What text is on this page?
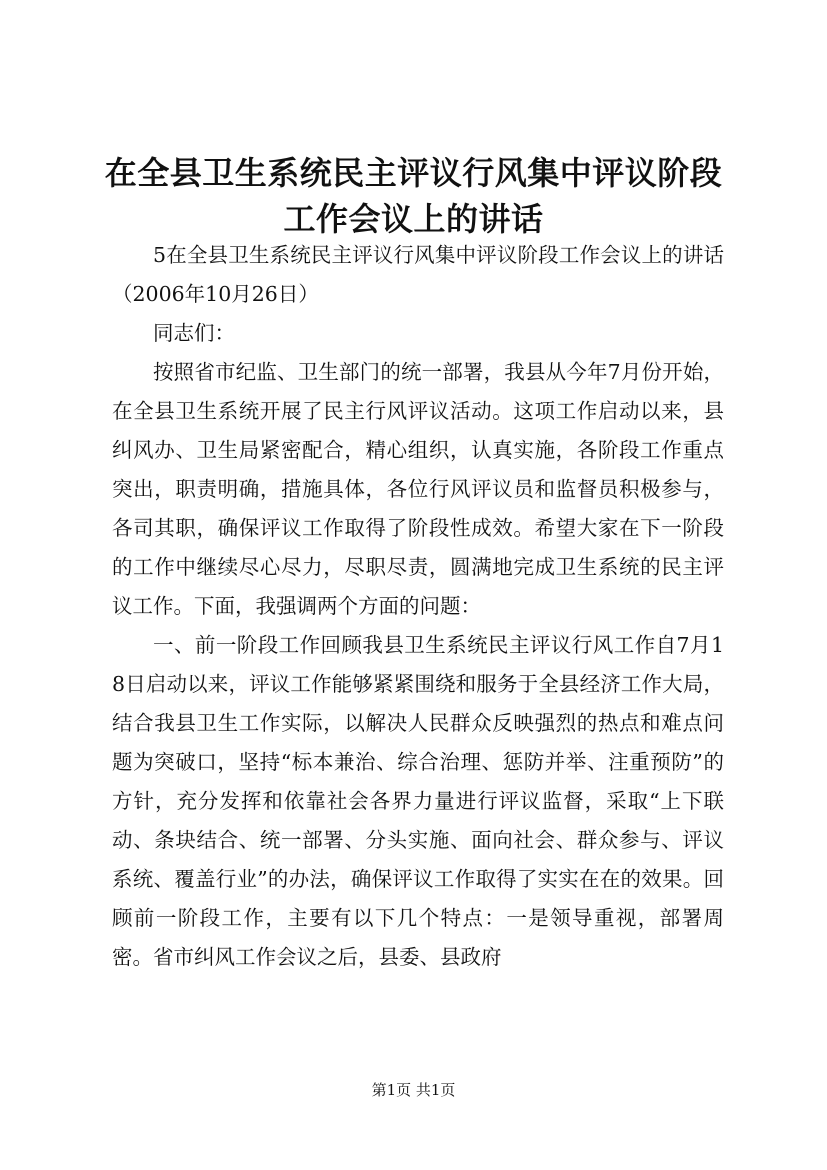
在全县卫生系统民主评议行风集中评议阶段工作会议上的讲话

5在全县卫生系统民主评议行风集中评议阶段工作会议上的讲话（2006年10月26日）

同志们：

按照省市纪监、卫生部门的统一部署，我县从今年7月份开始，在全县卫生系统开展了民主行风评议活动。这项工作启动以来，县纠风办、卫生局紧密配合，精心组织，认真实施，各阶段工作重点突出，职责明确，措施具体，各位行风评议员和监督员积极参与，各司其职，确保评议工作取得了阶段性成效。希望大家在下一阶段的工作中继续尽心尽力，尽职尽责，圆满地完成卫生系统的民主评议工作。下面，我强调两个方面的问题：

一、前一阶段工作回顾我县卫生系统民主评议行风工作自7月18日启动以来，评议工作能够紧紧围绕和服务于全县经济工作大局，结合我县卫生工作实际，以解决人民群众反映强烈的热点和难点问题为突破口，坚持“标本兼治、综合治理、惩防并举、注重预防”的方针，充分发挥和依靠社会各界力量进行评议监督，采取“上下联动、条块结合、统一部署、分头实施、面向社会、群众参与、评议系统、覆盖行业”的办法，确保评议工作取得了实实在在的效果。回顾前一阶段工作，主要有以下几个特点：一是领导重视，部署周密。省市纠风工作会议之后，县委、县政府

第1页 共1页
